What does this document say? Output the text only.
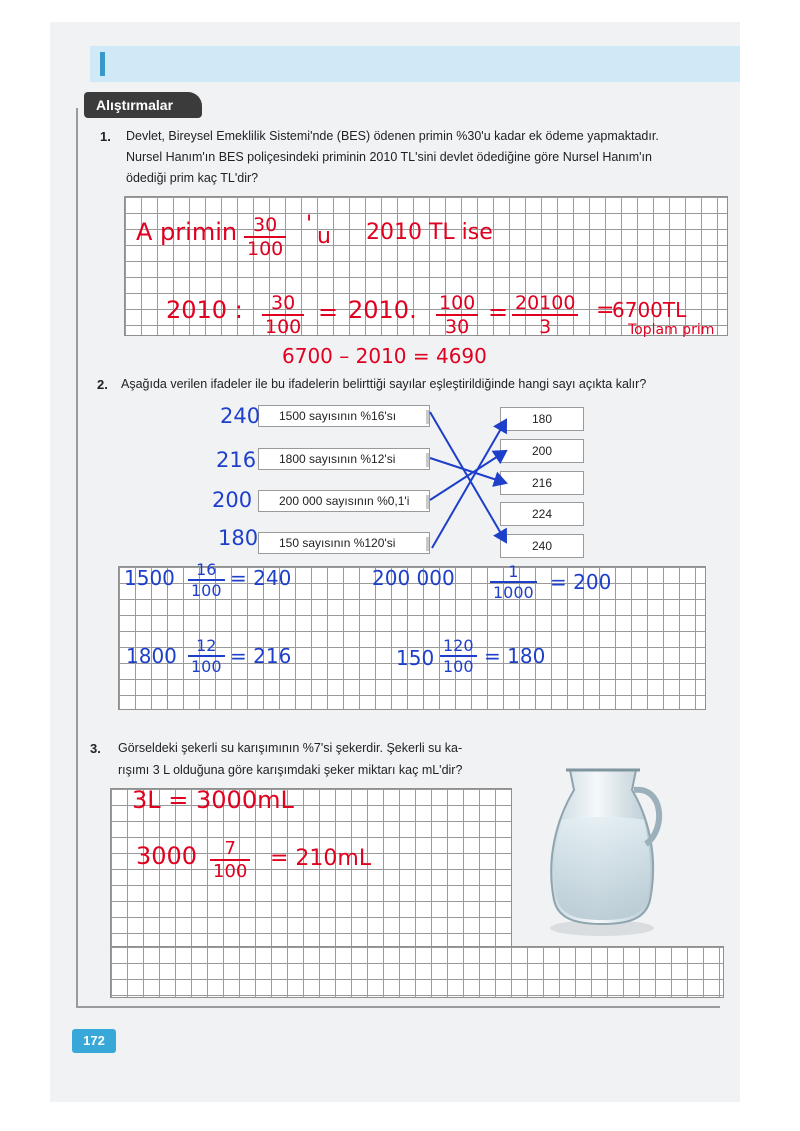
Alıştırmalar
1. Devlet, Bireysel Emeklilik Sistemi'nde (BES) ödenen primin %30'u kadar ek ödeme yapmaktadır.
Nursel Hanım'ın BES poliçesindeki priminin 2010 TL'sini devlet ödediğine göre Nursel Hanım'ın
ödediği prim kaç TL'dir?
A primin $\frac{30}{100}$ ' u 2010 TL ise
2010 : $\frac{30}{100} = 2010$. $\frac{100}{30} = \frac{20100}{3}$ =
6700TL
Toplam prim
6700 – 2010 = 4690
2. Aşağıda verilen ifadeler ile bu ifadelerin belirttiği sayılar eşleştirildiğinde hangi sayı açıkta kalır?
1500 sayısının %16'sı
1800 sayısının %12'si
200 000 sayısının %0,1'i
150 sayısının %120'si
180
200
216
224
240
240
216
200
180
$1500 \frac{16}{100} = 240$	200 $000 \frac{1}{1000} = 200$
$1800 \frac{12}{100} = 216$	$150 \frac{120}{100} = 180$
3. Görseldeki şekerli su karışımının %7'si şekerdir. Şekerli su ka-
rışımı 3 L olduğuna göre karışımdaki şeker miktarı kaç mL'dir?
3L = 3000mL
$3000 \frac{7}{100} = 210mL$
172
